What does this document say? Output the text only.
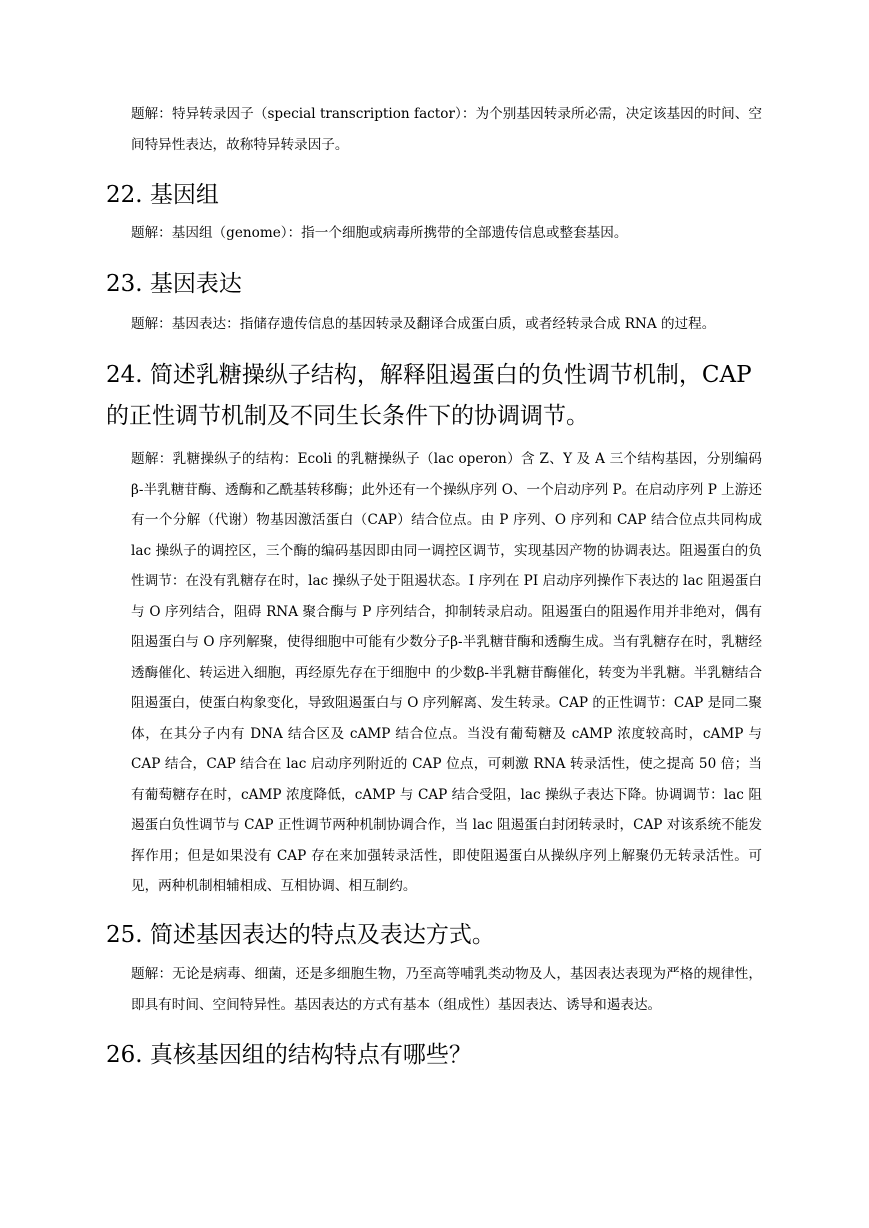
题解：特异转录因子（special transcription factor）：为个别基因转录所必需，决定该基因的时间、空间特异性表达，故称特异转录因子。

22. 基因组

题解：基因组（genome）：指一个细胞或病毒所携带的全部遗传信息或整套基因。

23. 基因表达

题解：基因表达：指储存遗传信息的基因转录及翻译合成蛋白质，或者经转录合成 RNA 的过程。

24. 简述乳糖操纵子结构，解释阻遏蛋白的负性调节机制，CAP 的正性调节机制及不同生长条件下的协调调节。

题解：乳糖操纵子的结构：Ecoli 的乳糖操纵子（lac operon）含 Z、Y 及 A 三个结构基因，分别编码β-半乳糖苷酶、透酶和乙酰基转移酶；此外还有一个操纵序列 O、一个启动序列 P。在启动序列 P 上游还有一个分解（代谢）物基因激活蛋白（CAP）结合位点。由 P 序列、O 序列和 CAP 结合位点共同构成 lac 操纵子的调控区，三个酶的编码基因即由同一调控区调节，实现基因产物的协调表达。阻遏蛋白的负性调节：在没有乳糖存在时，lac 操纵子处于阻遏状态。I 序列在 PI 启动序列操作下表达的 lac 阻遏蛋白与 O 序列结合，阻碍 RNA 聚合酶与 P 序列结合，抑制转录启动。阻遏蛋白的阻遏作用并非绝对，偶有阻遏蛋白与 O 序列解聚，使得细胞中可能有少数分子β-半乳糖苷酶和透酶生成。当有乳糖存在时，乳糖经透酶催化、转运进入细胞，再经原先存在于细胞中 的少数β-半乳糖苷酶催化，转变为半乳糖。半乳糖结合阻遏蛋白，使蛋白构象变化，导致阻遏蛋白与 O 序列解离、发生转录。CAP 的正性调节：CAP 是同二聚体，在其分子内有 DNA 结合区及 cAMP 结合位点。当没有葡萄糖及 cAMP 浓度较高时，cAMP 与 CAP 结合，CAP 结合在 lac 启动序列附近的 CAP 位点，可刺激 RNA 转录活性，使之提高 50 倍；当有葡萄糖存在时，cAMP 浓度降低，cAMP 与 CAP 结合受阻，lac 操纵子表达下降。协调调节：lac 阻遏蛋白负性调节与 CAP 正性调节两种机制协调合作，当 lac 阻遏蛋白封闭转录时，CAP 对该系统不能发挥作用；但是如果没有 CAP 存在来加强转录活性，即使阻遏蛋白从操纵序列上解聚仍无转录活性。可见，两种机制相辅相成、互相协调、相互制约。

25. 简述基因表达的特点及表达方式。

题解：无论是病毒、细菌，还是多细胞生物，乃至高等哺乳类动物及人，基因表达表现为严格的规律性，即具有时间、空间特异性。基因表达的方式有基本（组成性）基因表达、诱导和遏表达。

26. 真核基因组的结构特点有哪些？
